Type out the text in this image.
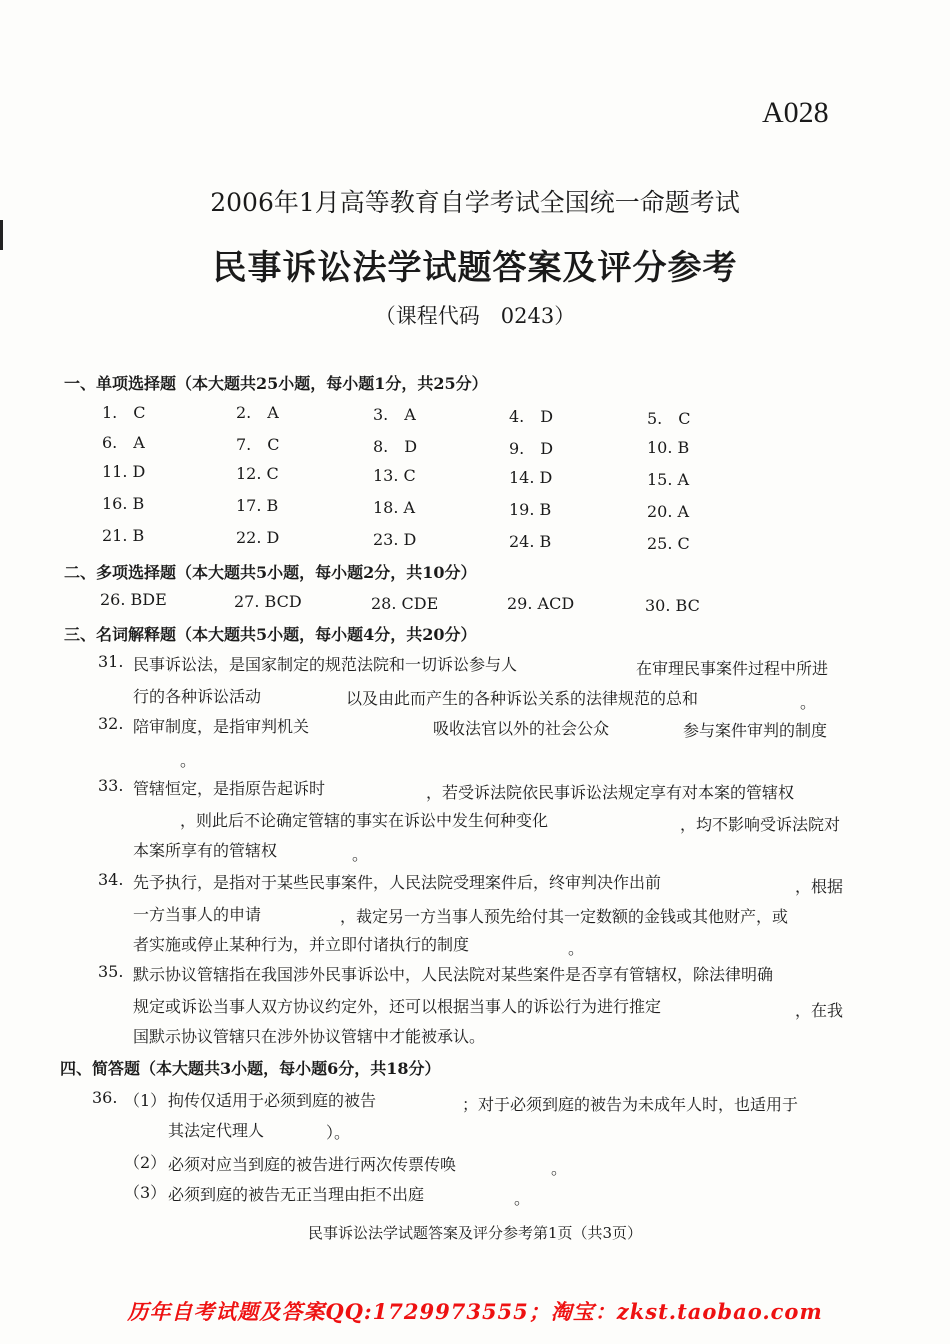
A028
2006年1月高等教育自学考试全国统一命题考试
民事诉讼法学试题答案及评分参考
（课程代码　0243）
一、单项选择题（本大题共25小题，每小题1分，共25分）
1.　C	2.　A	3.　A	4.　D	5.　C
6.　A	7.　C	8.　D	9.　D	10. B
11. D	12. C	13. C	14. D	15. A
16. B	17. B	18. A	19. B	20. A
21. B	22. D	23. D	24. B	25. C
二、多项选择题（本大题共5小题，每小题2分，共10分）
26. BDE	27. BCD	28. CDE	29. ACD	30. BC
三、名词解释题（本大题共5小题，每小题4分，共20分）
31. 民事诉讼法，是国家制定的规范法院和一切诉讼参与人	在审理民事案件过程中所进
行的各种诉讼活动	以及由此而产生的各种诉讼关系的法律规范的总和	。
32. 陪审制度，是指审判机关	吸收法官以外的社会公众	参与案件审判的制度
。
33. 管辖恒定，是指原告起诉时	，若受诉法院依民事诉讼法规定享有对本案的管辖权
，则此后不论确定管辖的事实在诉讼中发生何种变化	，均不影响受诉法院对
本案所享有的管辖权	。
34. 先予执行，是指对于某些民事案件，人民法院受理案件后，终审判决作出前	，根据
一方当事人的申请	，裁定另一方当事人预先给付其一定数额的金钱或其他财产，或
者实施或停止某种行为，并立即付诸执行的制度	。
35. 默示协议管辖指在我国涉外民事诉讼中，人民法院对某些案件是否享有管辖权，除法律明确
规定或诉讼当事人双方协议约定外，还可以根据当事人的诉讼行为进行推定	，在我
国默示协议管辖只在涉外协议管辖中才能被承认。
四、简答题（本大题共3小题，每小题6分，共18分）
36. （1） 拘传仅适用于必须到庭的被告	；对于必须到庭的被告为未成年人时，也适用于
其法定代理人	）。
（2） 必须对应当到庭的被告进行两次传票传唤	。
（3） 必须到庭的被告无正当理由拒不出庭	。
民事诉讼法学试题答案及评分参考第1页（共3页）
历年自考试题及答案QQ:1729973555；淘宝：zkst.taobao.com
